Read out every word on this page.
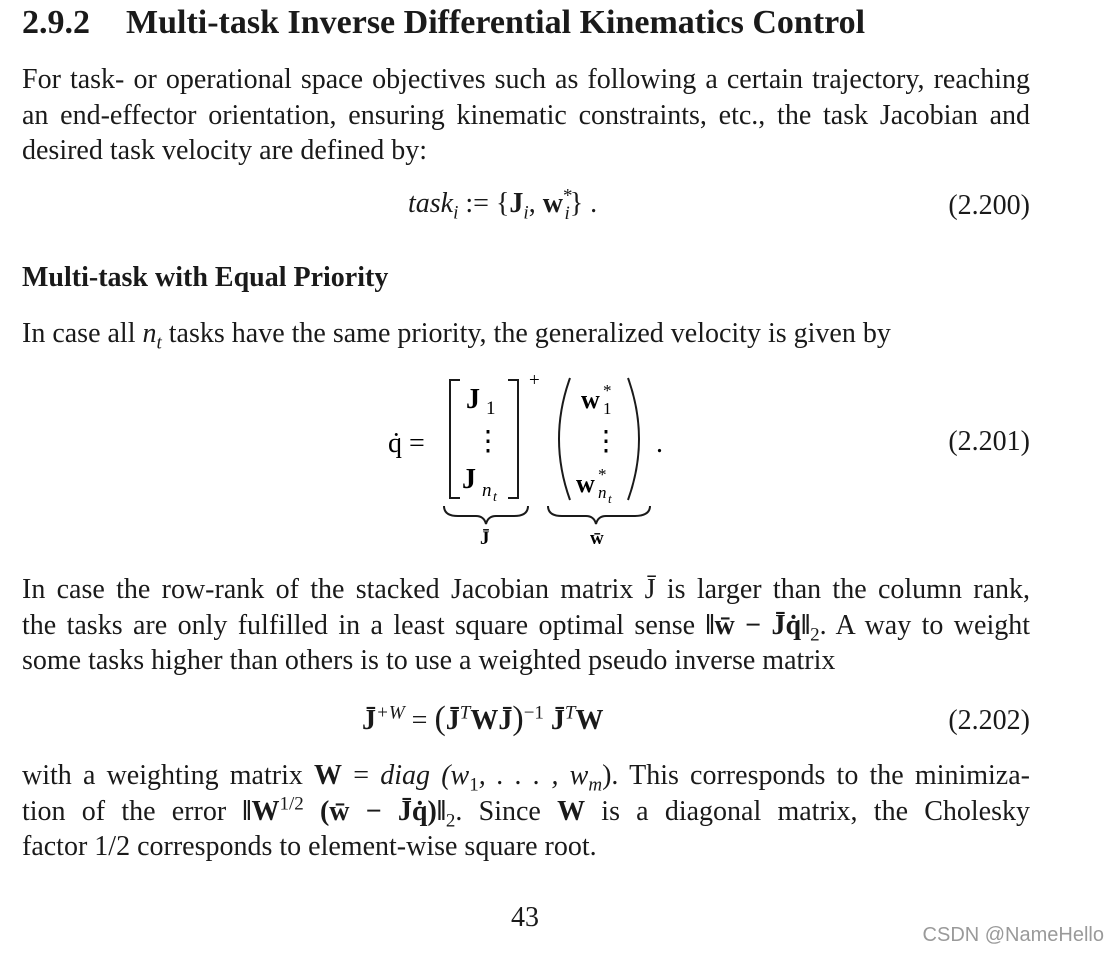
2.9.2 Multi-task Inverse Differential Kinematics Control
For task- or operational space objectives such as following a certain trajectory, reaching
an end-effector orientation, ensuring kinematic constraints, etc., the task Jacobian and
desired task velocity are defined by:
task$_i$ := {$J_i$, $w^*_i$} .	(2.200)
Multi-task with Equal Priority
In case all $n_t$ tasks have the same priority, the generalized velocity is given by
q̇ =
+
J 1
⋮
J n t
w *
1
⋮
w *
n t
.
J̄	w̄
(2.201)
In case the row-rank of the stacked Jacobian matrix J̄ is larger than the column rank,
the tasks are only fulfilled in a least square optimal sense ‖w̄ − $J̄q̇‖_2$. A way to weight
some tasks higher than others is to use a weighted pseudo inverse matrix
J̄$^{+W}$ = (J̄$^T$WJ̄)$^{-1}$ J̄$^T$W	(2.202)
with a weighting matrix W = diag ($w_1$, . . . , $w_m$). This corresponds to the minimiza-
tion of the error $‖W^{1/2}$ (w̄ − $J̄q̇)‖_2$. Since W is a diagonal matrix, the Cholesky
factor 1/2 corresponds to element-wise square root.
43
CSDN @NameHello
